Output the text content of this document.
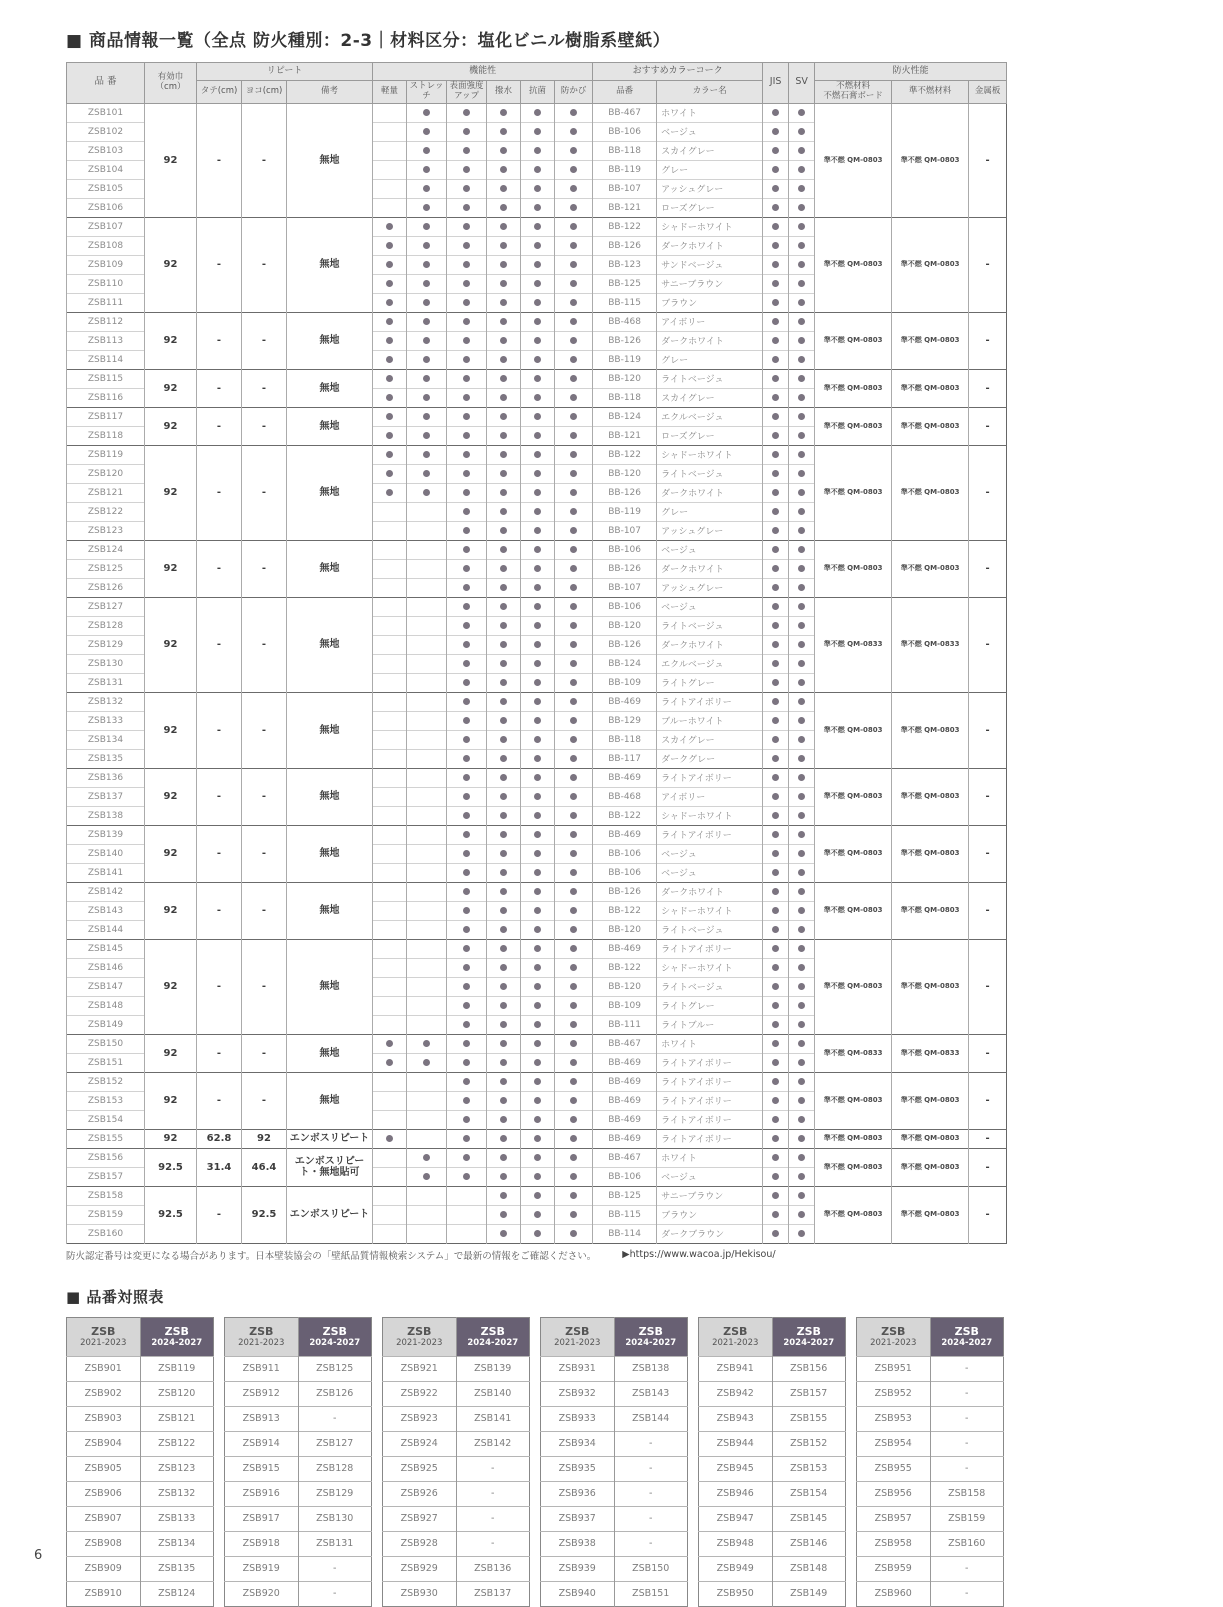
■ 商品情報一覧（全点 防火種別：2-3｜材料区分：塩化ビニル樹脂系壁紙）
品 番	有効巾
（cm）	リピート			機能性						おすすめカラーコーク		JIS	SV	防火性能		
		タテ(cm)	ヨコ(cm)	備考	軽量	ストレッチ	表面強度アップ	撥水	抗菌	防かび	品番	カラー名			不燃材料
不燃石膏ボード	準不燃材料	金属板
ZSB101	92	-	-	無地							BB-467	ホワイト			準不燃 QM-0803	準不燃 QM-0803	-
ZSB102											BB-106	ベージュ					
ZSB103											BB-118	スカイグレー					
ZSB104											BB-119	グレー					
ZSB105											BB-107	アッシュグレー					
ZSB106											BB-121	ローズグレー					
ZSB107	92	-	-	無地							BB-122	シャドーホワイト			準不燃 QM-0803	準不燃 QM-0803	-
ZSB108											BB-126	ダークホワイト					
ZSB109											BB-123	サンドベージュ					
ZSB110											BB-125	サニーブラウン					
ZSB111											BB-115	ブラウン					
ZSB112	92	-	-	無地							BB-468	アイボリー			準不燃 QM-0803	準不燃 QM-0803	-
ZSB113											BB-126	ダークホワイト					
ZSB114											BB-119	グレー					
ZSB115	92	-	-	無地							BB-120	ライトベージュ			準不燃 QM-0803	準不燃 QM-0803	-
ZSB116											BB-118	スカイグレー					
ZSB117	92	-	-	無地							BB-124	エクルベージュ			準不燃 QM-0803	準不燃 QM-0803	-
ZSB118											BB-121	ローズグレー					
ZSB119	92	-	-	無地							BB-122	シャドーホワイト			準不燃 QM-0803	準不燃 QM-0803	-
ZSB120											BB-120	ライトベージュ					
ZSB121											BB-126	ダークホワイト					
ZSB122											BB-119	グレー					
ZSB123											BB-107	アッシュグレー					
ZSB124	92	-	-	無地							BB-106	ベージュ			準不燃 QM-0803	準不燃 QM-0803	-
ZSB125											BB-126	ダークホワイト					
ZSB126											BB-107	アッシュグレー					
ZSB127	92	-	-	無地							BB-106	ベージュ			準不燃 QM-0833	準不燃 QM-0833	-
ZSB128											BB-120	ライトベージュ					
ZSB129											BB-126	ダークホワイト					
ZSB130											BB-124	エクルベージュ					
ZSB131											BB-109	ライトグレー					
ZSB132	92	-	-	無地							BB-469	ライトアイボリー			準不燃 QM-0803	準不燃 QM-0803	-
ZSB133											BB-129	ブルーホワイト					
ZSB134											BB-118	スカイグレー					
ZSB135											BB-117	ダークグレー					
ZSB136	92	-	-	無地							BB-469	ライトアイボリー			準不燃 QM-0803	準不燃 QM-0803	-
ZSB137											BB-468	アイボリー					
ZSB138											BB-122	シャドーホワイト					
ZSB139	92	-	-	無地							BB-469	ライトアイボリー			準不燃 QM-0803	準不燃 QM-0803	-
ZSB140											BB-106	ベージュ					
ZSB141											BB-106	ベージュ					
ZSB142	92	-	-	無地							BB-126	ダークホワイト			準不燃 QM-0803	準不燃 QM-0803	-
ZSB143											BB-122	シャドーホワイト					
ZSB144											BB-120	ライトベージュ					
ZSB145	92	-	-	無地							BB-469	ライトアイボリー			準不燃 QM-0803	準不燃 QM-0803	-
ZSB146											BB-122	シャドーホワイト					
ZSB147											BB-120	ライトベージュ					
ZSB148											BB-109	ライトグレー					
ZSB149											BB-111	ライトブルー					
ZSB150	92	-	-	無地							BB-467	ホワイト			準不燃 QM-0833	準不燃 QM-0833	-
ZSB151											BB-469	ライトアイボリー					
ZSB152	92	-	-	無地							BB-469	ライトアイボリー			準不燃 QM-0803	準不燃 QM-0803	-
ZSB153											BB-469	ライトアイボリー					
ZSB154											BB-469	ライトアイボリー					
ZSB155	92	62.8	92	エンボスリピート							BB-469	ライトアイボリー			準不燃 QM-0803	準不燃 QM-0803	-
ZSB156	92.5	31.4	46.4	エンボスリピート・無地貼可							BB-467	ホワイト			準不燃 QM-0803	準不燃 QM-0803	-
ZSB157											BB-106	ベージュ					
ZSB158	92.5	-	92.5	エンボスリピート							BB-125	サニーブラウン			準不燃 QM-0803	準不燃 QM-0803	-
ZSB159											BB-115	ブラウン					
ZSB160											BB-114	ダークブラウン					
防火認定番号は変更になる場合があります。日本壁装協会の「壁紙品質情報検索システム」で最新の情報をご確認ください。	▶https://www.wacoa.jp/Hekisou/
■ 品番対照表
ZSB
2021-2023	ZSB
2024-2027

ZSB901	ZSB119
ZSB902	ZSB120
ZSB903	ZSB121
ZSB904	ZSB122
ZSB905	ZSB123
ZSB906	ZSB132
ZSB907	ZSB133
ZSB908	ZSB134
ZSB909	ZSB135
ZSB910	ZSB124
ZSB
2021-2023	ZSB
2024-2027

ZSB911	ZSB125
ZSB912	ZSB126
ZSB913	-
ZSB914	ZSB127
ZSB915	ZSB128
ZSB916	ZSB129
ZSB917	ZSB130
ZSB918	ZSB131
ZSB919	-
ZSB920	-
ZSB
2021-2023	ZSB
2024-2027

ZSB921	ZSB139
ZSB922	ZSB140
ZSB923	ZSB141
ZSB924	ZSB142
ZSB925	-
ZSB926	-
ZSB927	-
ZSB928	-
ZSB929	ZSB136
ZSB930	ZSB137
ZSB
2021-2023	ZSB
2024-2027

ZSB931	ZSB138
ZSB932	ZSB143
ZSB933	ZSB144
ZSB934	-
ZSB935	-
ZSB936	-
ZSB937	-
ZSB938	-
ZSB939	ZSB150
ZSB940	ZSB151
ZSB
2021-2023	ZSB
2024-2027

ZSB941	ZSB156
ZSB942	ZSB157
ZSB943	ZSB155
ZSB944	ZSB152
ZSB945	ZSB153
ZSB946	ZSB154
ZSB947	ZSB145
ZSB948	ZSB146
ZSB949	ZSB148
ZSB950	ZSB149
ZSB
2021-2023	ZSB
2024-2027

ZSB951	-
ZSB952	-
ZSB953	-
ZSB954	-
ZSB955	-
ZSB956	ZSB158
ZSB957	ZSB159
ZSB958	ZSB160
ZSB959	-
ZSB960	-
6
